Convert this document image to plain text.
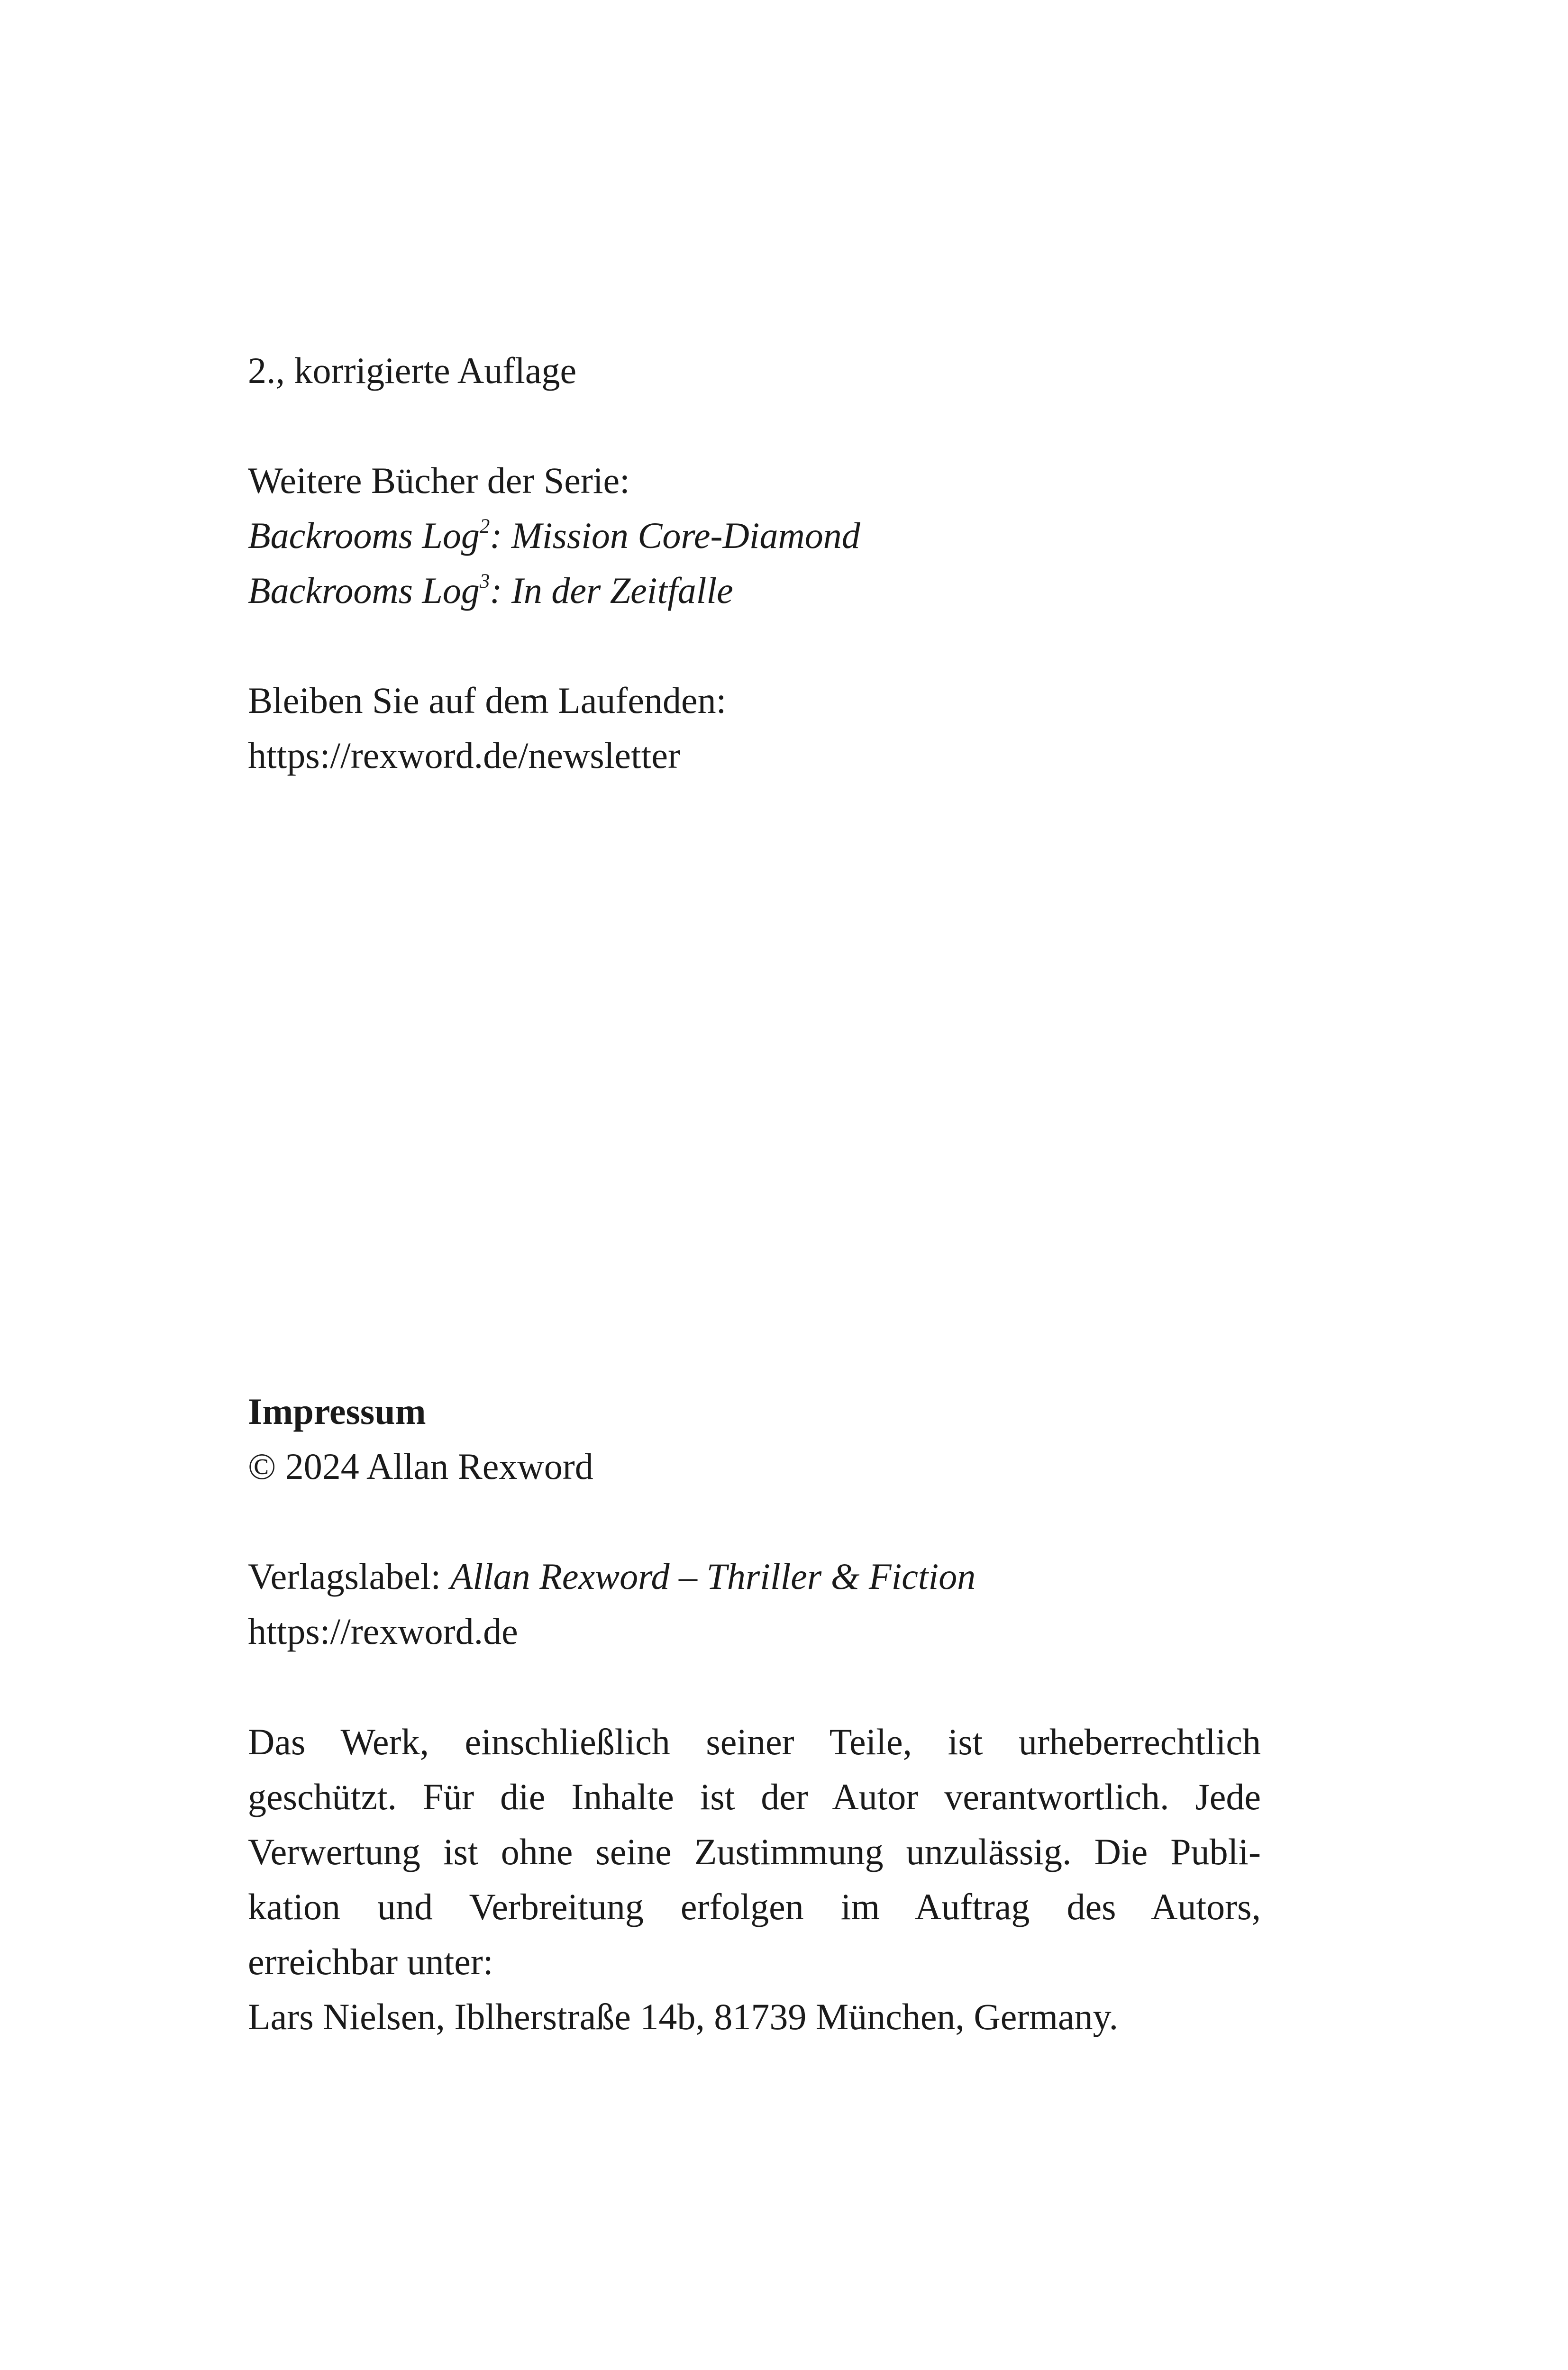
2., korrigierte Auflage
Weitere Bücher der Serie:
Backrooms Log$^2$: Mission Core-Diamond
Backrooms Log$^3$: In der Zeitfalle
Bleiben Sie auf dem Laufenden:
https://rexword.de/newsletter
Impressum
© 2024 Allan Rexword
Verlagslabel: Allan Rexword – Thriller & Fiction
https://rexword.de
Das Werk, einschließlich seiner Teile, ist urheberrechtlich
geschützt. Für die Inhalte ist der Autor verantwortlich. Jede
Verwertung ist ohne seine Zustimmung unzulässig. Die Publi-
kation und Verbreitung erfolgen im Auftrag des Autors,
erreichbar unter:
Lars Nielsen, Iblherstraße 14b, 81739 München, Germany.
